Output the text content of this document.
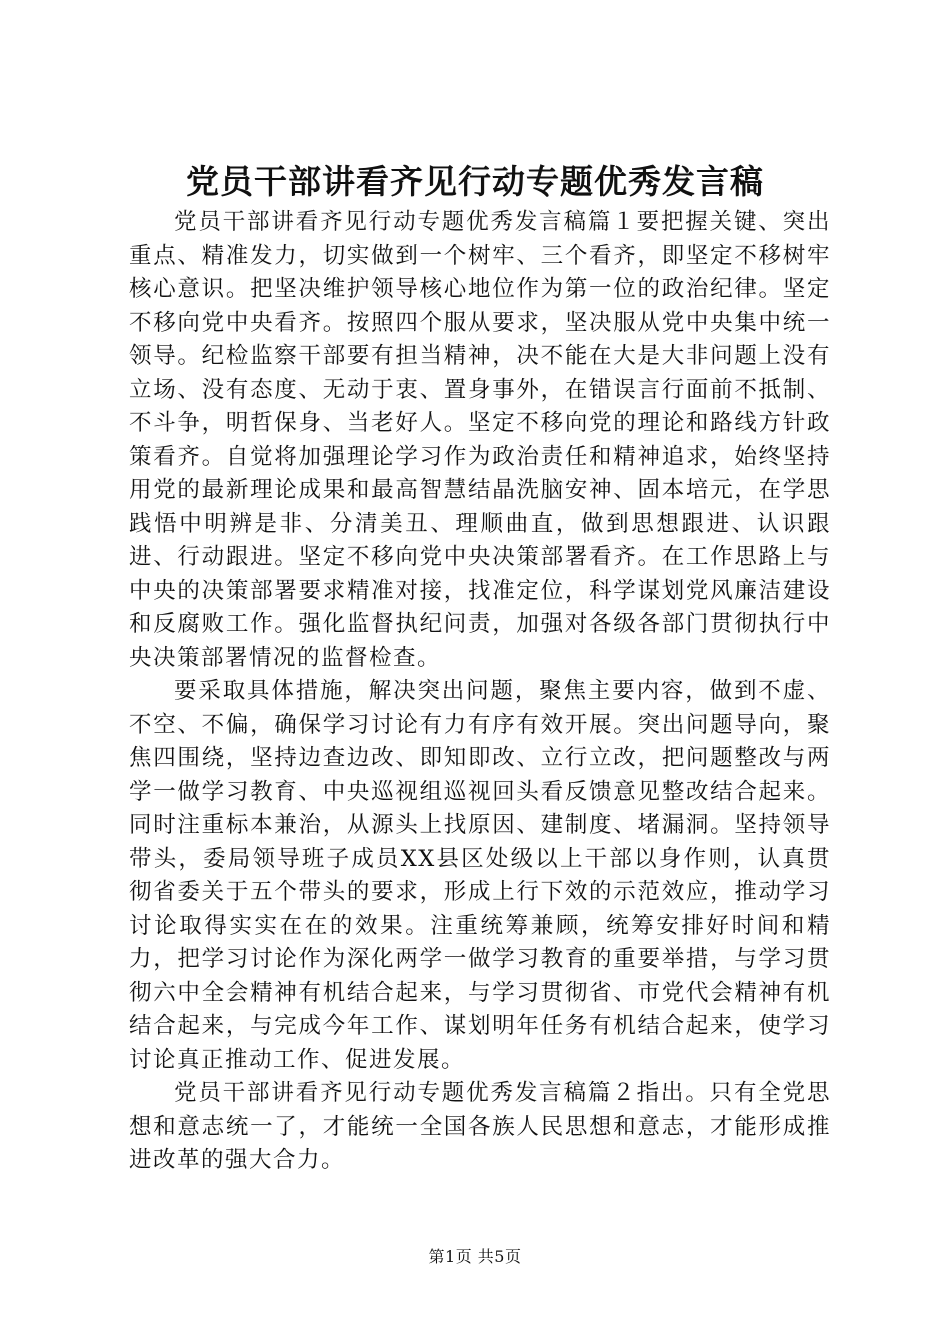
党员干部讲看齐见行动专题优秀发言稿

党员干部讲看齐见行动专题优秀发言稿篇１要把握关键、突出重点、精准发力，切实做到一个树牢、三个看齐，即坚定不移树牢核心意识。把坚决维护领导核心地位作为第一位的政治纪律。坚定不移向党中央看齐。按照四个服从要求，坚决服从党中央集中统一领导。纪检监察干部要有担当精神，决不能在大是大非问题上没有立场、没有态度、无动于衷、置身事外，在错误言行面前不抵制、不斗争，明哲保身、当老好人。坚定不移向党的理论和路线方针政策看齐。自觉将加强理论学习作为政治责任和精神追求，始终坚持用党的最新理论成果和最高智慧结晶洗脑安神、固本培元，在学思践悟中明辨是非、分清美丑、理顺曲直，做到思想跟进、认识跟进、行动跟进。坚定不移向党中央决策部署看齐。在工作思路上与中央的决策部署要求精准对接，找准定位，科学谋划党风廉洁建设和反腐败工作。强化监督执纪问责，加强对各级各部门贯彻执行中央决策部署情况的监督检查。

要采取具体措施，解决突出问题，聚焦主要内容，做到不虚、不空、不偏，确保学习讨论有力有序有效开展。突出问题导向，聚焦四围绕，坚持边查边改、即知即改、立行立改，把问题整改与两学一做学习教育、中央巡视组巡视回头看反馈意见整改结合起来。同时注重标本兼治，从源头上找原因、建制度、堵漏洞。坚持领导带头，委局领导班子成员XX县区处级以上干部以身作则，认真贯彻省委关于五个带头的要求，形成上行下效的示范效应，推动学习讨论取得实实在在的效果。注重统筹兼顾，统筹安排好时间和精力，把学习讨论作为深化两学一做学习教育的重要举措，与学习贯彻六中全会精神有机结合起来，与学习贯彻省、市党代会精神有机结合起来，与完成今年工作、谋划明年任务有机结合起来，使学习讨论真正推动工作、促进发展。

党员干部讲看齐见行动专题优秀发言稿篇２指出。只有全党思想和意志统一了，才能统一全国各族人民思想和意志，才能形成推进改革的强大合力。

第1页 共5页
